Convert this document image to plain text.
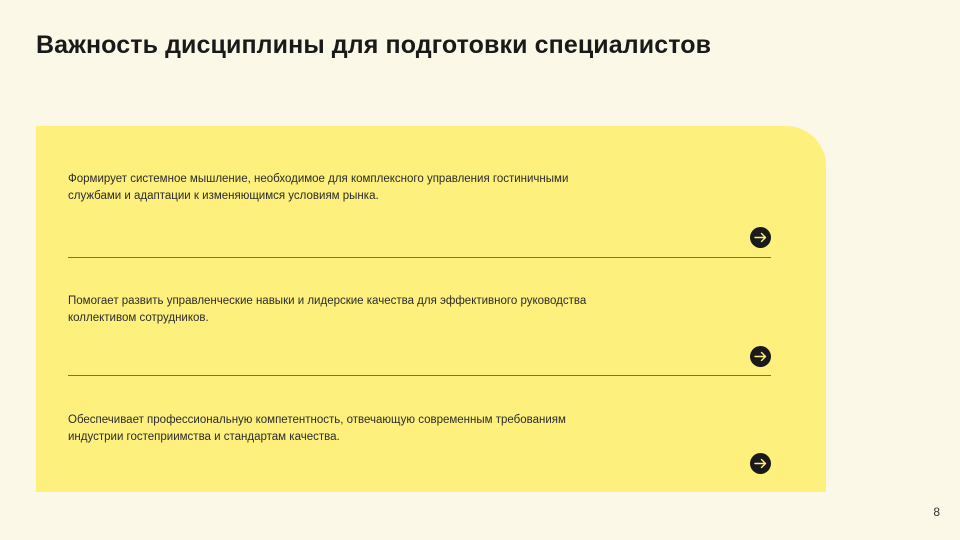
Важность дисциплины для подготовки специалистов

Формирует системное мышление, необходимое для комплексного управления гостиничными службами и адаптации к изменяющимся условиям рынка.

Помогает развить управленческие навыки и лидерские качества для эффективного руководства коллективом сотрудников.

Обеспечивает профессиональную компетентность, отвечающую современным требованиям индустрии гостеприимства и стандартам качества.

8
